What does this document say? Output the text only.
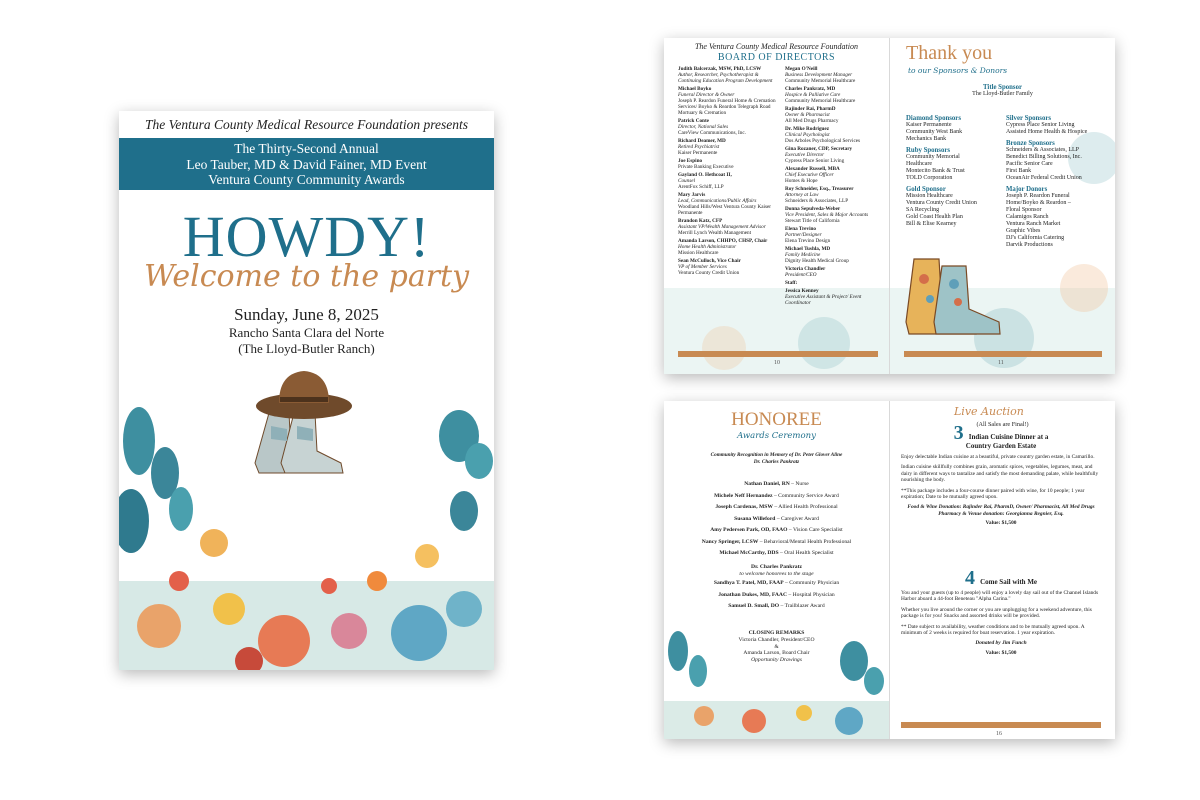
The Ventura County Medical Resource Foundation presents
The Thirty-Second Annual
Leo Tauber, MD & David Fainer, MD Event
Ventura County Community Awards
HOWDY!
Welcome to the party
Sunday, June 8, 2025
Rancho Santa Clara del Norte
(The Lloyd-Butler Ranch)
The Ventura County Medical Resource Foundation
BOARD OF DIRECTORS
Judith Balcerzak, MSW, PhD, LCSW
Author, Researcher, Psychotherapist & Continuing Education Program Development
Michael Boyko
Funeral Director & Owner
Joseph P. Reardon Funeral Home & Cremation Services/ Boyko & Reardon Telegraph Road Mortuary & Cremation
Patrick Conte
Director, National Sales
CareView Communications, Inc.
Richard Deamer, MD
Retired Psychiatrist
Kaiser Permanente
Joe Espino
Private Banking Executive
Gayland O. Hethcoat II,
Counsel
ArentFox Schiff, LLP
Mary Jarvis
Lead, Communications/Public Affairs
Woodland Hills/West Ventura County Kaiser Permanente
Brandon Katz, CFP
Assistant VP/Wealth Management Advisor
Merrill Lynch Wealth Management
Amanda Larson, CHHPO, CHSP, Chair
Home Health Administrator
Mission Healthcare
Sean McCulloch, Vice Chair
VP of Member Services
Ventura County Credit Union
Megan O'Neill
Business Development Manager
Community Memorial Healthcare
Charles Pankratz, MD
Hospice & Palliative Care
Community Memorial Healthcare
Rajinder Rai, PharmD
Owner & Pharmacist
All Med Drugs Pharmacy
Dr. Mike Rodriguez
Clinical Psychologist
Dos Arboles Psychological Services
Gina Rozaner, CDP, Secretary
Executive Director
Cypress Place Senior Living
Alexander Russell, MBA
Chief Executive Officer
Homes & Hope
Roy Schneider, Esq., Treasurer
Attorney at Law
Schneiders & Associates, LLP
Donna Sepulveda-Weber
Vice President, Sales & Major Accounts
Stewart Title of California
Elena Trevino
Partner/Designer
Elena Trevino Design
Michael Tushla, MD
Family Medicine
Dignity Health Medical Group
Victoria Chandler
President/CEO
Staff:
Jessica Kenney
Executive Assistant & Project/ Event Coordinator
10
Thank you
to our Sponsors & Donors
Title Sponsor
The Lloyd-Butler Family
Diamond Sponsors
Kaiser Permanente
Community West Bank
Mechanics Bank
Ruby Sponsors
Community Memorial
Healthcare
Montecito Bank & Trust
TOLD Corporation
Gold Sponsor
Mission Healthcare
Ventura County Credit Union
SA Recycling
Gold Coast Health Plan
Bill & Elise Kearney
Silver Sponsors
Cypress Place Senior Living
Assisted Home Health & Hospice
Bronze Sponsors
Schneiders & Associates, LLP
Benedict Billing Solutions, Inc.
Pacific Senior Care
First Bank
OceanAir Federal Credit Union
Major Donors
Joseph P. Reardon Funeral
Home/Boyko & Reardon –
Floral Sponsor
Calamigos Ranch
Ventura Ranch Market
Graphic Vibes
DJ's California Catering
Darvik Productions
11
HONOREE
Awards Ceremony
Community Recognition in Memory of Dr. Peter Glover Aline
Dr. Charles Pankratz
Nathan Daniel, RN – Nurse
Michele Neff Hernandez – Community Service Award
Joseph Cardenas, MSW – Allied Health Professional
Susana Willeford – Caregiver Award
Amy Pedersen Park, OD, FAAO – Vision Care Specialist
Nancy Springer, LCSW – Behavioral/Mental Health Professional
Michael McCarthy, DDS – Oral Health Specialist
Dr. Charles Pankratz
to welcome honorees to the stage
Sandhya T. Patel, MD, FAAP – Community Physician
Jonathan Dukes, MD, FAAC – Hospital Physician
Samuel D. Small, DO – Trailblazer Award
CLOSING REMARKS
Victoria Chandler, President/CEO
&
Amanda Larson, Board Chair
Opportunity Drawings
Live Auction
(All Sales are Final!)
3 Indian Cuisine Dinner at a
Country Garden Estate

Enjoy delectable Indian cuisine at a beautiful, private country garden estate, in Camarillo.

Indian cuisine skillfully combines grain, aromatic spices, vegetables, legumes, meat, and dairy in different ways to tantalize and satisfy the most demanding palate, while healthfully nourishing the body.

**This package includes a four-course dinner paired with wine, for 10 people; 1 year expiration; Date to be mutually agreed upon.

Food & Wine Donation: Rajinder Rai, PharmD, Owner/ Pharmacist, All Med Drugs Pharmacy & Venue donation: Georgianna Regnier, Esq.
Value: $1,500
4 Come Sail with Me

You and your guests (up to 4 people) will enjoy a lovely day sail out of the Channel Islands Harbor aboard a 44-foot Beneteau "Alpha Carina."

Whether you live around the corner or you are unplugging for a weekend adventure, this package is for you! Snacks and assorted drinks will be provided.

** Date subject to availability, weather conditions and to be mutually agreed upon. A minimum of 2 weeks is required for boat reservation. 1 year expiration.

Donated by Jim Funch
Value: $1,500
16
